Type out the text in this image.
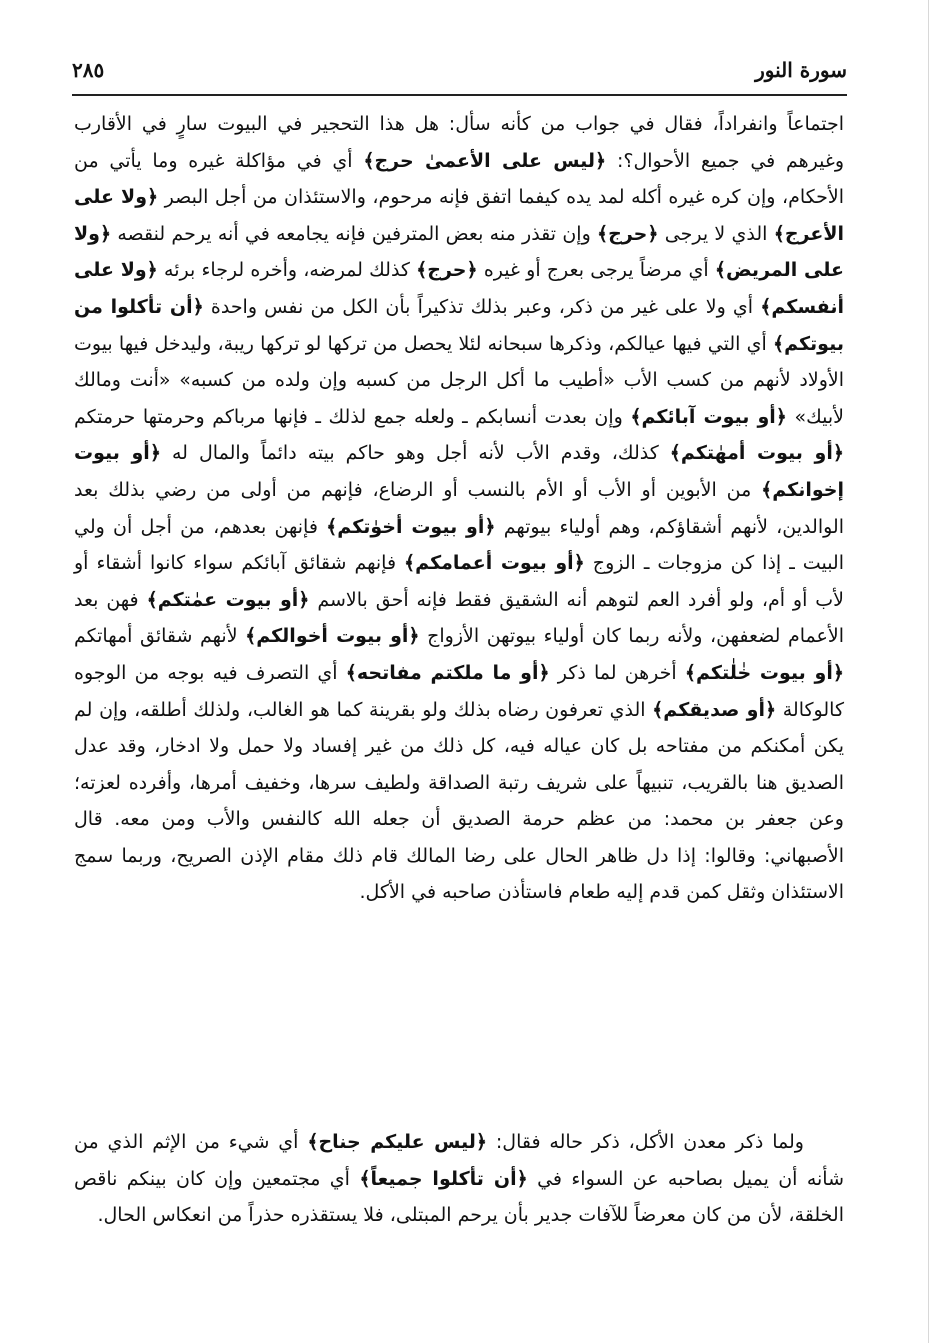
سورة النور
٢٨٥

اجتماعاً وانفراداً، فقال في جواب من كأنه سأل: هل هذا التحجير في البيوت سارٍ في الأقارب وغيرهم في جميع الأحوال؟: ﴿ليس على الأعمىٰ حرج﴾ أي في مؤاكلة غيره وما يأتي من الأحكام، وإن كره غيره أكله لمد يده كيفما اتفق فإنه مرحوم، والاستئذان من أجل البصر ﴿ولا على الأعرج﴾ الذي لا يرجى ﴿حرج﴾ وإن تقذر منه بعض المترفين فإنه يجامعه في أنه يرحم لنقصه ﴿ولا على المريض﴾ أي مرضاً يرجى بعرج أو غيره ﴿حرج﴾ كذلك لمرضه، وأخره لرجاء برئه ﴿ولا على أنفسكم﴾ أي ولا على غير من ذكر، وعبر بذلك تذكيراً بأن الكل من نفس واحدة ﴿أن تأكلوا من بيوتكم﴾ أي التي فيها عيالكم، وذكرها سبحانه لئلا يحصل من تركها لو تركها ريبة، وليدخل فيها بيوت الأولاد لأنهم من كسب الأب «أطيب ما أكل الرجل من كسبه وإن ولده من كسبه» «أنت ومالك لأبيك» ﴿أو بيوت آبائكم﴾ وإن بعدت أنسابكم ـ ولعله جمع لذلك ـ فإنها مرباكم وحرمتها حرمتكم ﴿أو بيوت أمهٰتكم﴾ كذلك، وقدم الأب لأنه أجل وهو حاكم بيته دائماً والمال له ﴿أو بيوت إخوانكم﴾ من الأبوين أو الأب أو الأم بالنسب أو الرضاع، فإنهم من أولى من رضي بذلك بعد الوالدين، لأنهم أشقاؤكم، وهم أولياء بيوتهم ﴿أو بيوت أخوٰتكم﴾ فإنهن بعدهم، من أجل أن ولي البيت ـ إذا كن مزوجات ـ الزوج ﴿أو بيوت أعمامكم﴾ فإنهم شقائق آبائكم سواء كانوا أشقاء أو لأب أو أم، ولو أفرد العم لتوهم أنه الشقيق فقط فإنه أحق بالاسم ﴿أو بيوت عمٰتكم﴾ فهن بعد الأعمام لضعفهن، ولأنه ربما كان أولياء بيوتهن الأزواج ﴿أو بيوت أخوالكم﴾ لأنهم شقائق أمهاتكم ﴿أو بيوت خٰلٰتكم﴾ أخرهن لما ذكر ﴿أو ما ملكتم مفاتحه﴾ أي التصرف فيه بوجه من الوجوه كالوكالة ﴿أو صديقكم﴾ الذي تعرفون رضاه بذلك ولو بقرينة كما هو الغالب، ولذلك أطلقه، وإن لم يكن أمكنكم من مفتاحه بل كان عياله فيه، كل ذلك من غير إفساد ولا حمل ولا ادخار، وقد عدل الصديق هنا بالقريب، تنبيهاً على شريف رتبة الصداقة ولطيف سرها، وخفيف أمرها، وأفرده لعزته؛ وعن جعفر بن محمد: من عظم حرمة الصديق أن جعله الله كالنفس والأب ومن معه. قال الأصبهاني: وقالوا: إذا دل ظاهر الحال على رضا المالك قام ذلك مقام الإذن الصريح، وربما سمج الاستئذان وثقل كمن قدم إليه طعام فاستأذن صاحبه في الأكل.

ولما ذكر معدن الأكل، ذكر حاله فقال: ﴿ليس عليكم جناح﴾ أي شيء من الإثم الذي من شأنه أن يميل بصاحبه عن السواء في ﴿أن تأكلوا جميعاً﴾ أي مجتمعين وإن كان بينكم ناقص الخلقة، لأن من كان معرضاً للآفات جدير بأن يرحم المبتلى، فلا يستقذره حذراً من انعكاس الحال.
